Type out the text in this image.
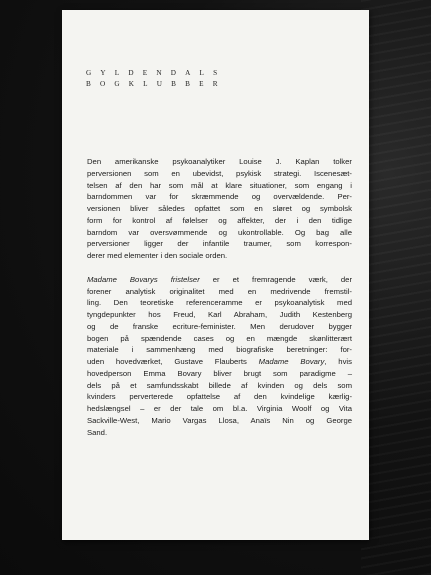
GYLDENDALS
BOGKLUBBER

Den amerikanske psykoanalytiker Louise J. Kaplan tolker
perversionen som en ubevidst, psykisk strategi. Iscenesæt-
telsen af den har som mål at klare situationer, som engang i
barndommen var for skræmmende og overvældende. Per-
versionen bliver således opfattet som en sløret og symbolsk
form for kontrol af følelser og affekter, der i den tidlige
barndom var oversvømmende og ukontrollable. Og bag alle
perversioner ligger der infantile traumer, som korrespon-
derer med elementer i den sociale orden.

Madame Bovarys fristelser er et fremragende værk, der
forener analytisk originalitet med en medrivende fremstil-
ling. Den teoretiske referenceramme er psykoanalytisk med
tyngdepunkter hos Freud, Karl Abraham, Judith Kestenberg
og de franske ecriture-feminister. Men derudover bygger
bogen på spændende cases og en mængde skønlitterært
materiale i sammenhæng med biografiske beretninger: for-
uden hovedværket, Gustave Flauberts Madame Bovary, hvis
hovedperson Emma Bovary bliver brugt som paradigme –
dels på et samfundsskabt billede af kvinden og dels som
kvinders perverterede opfattelse af den kvindelige kærlig-
hedslængsel – er der tale om bl.a. Virginia Woolf og Vita
Sackville-West, Mario Vargas Llosa, Anaïs Nin og George
Sand.
